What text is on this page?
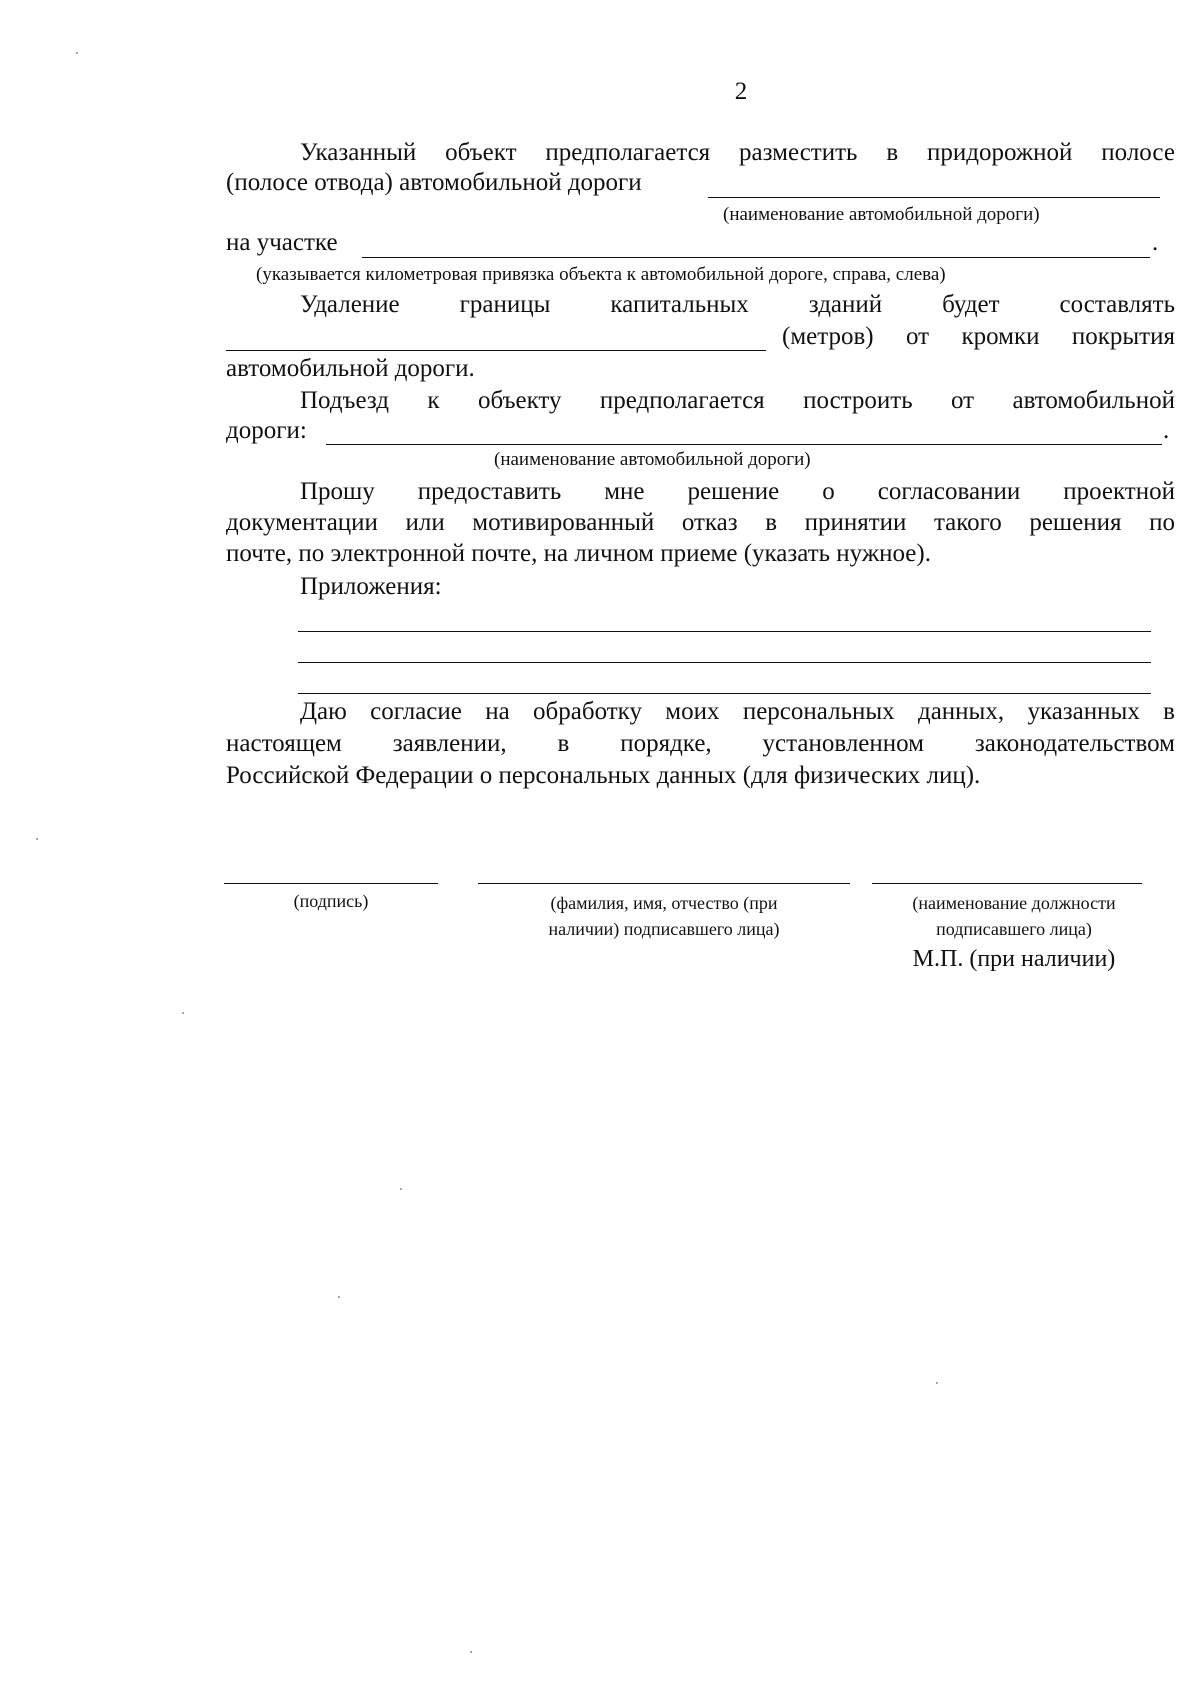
2
Указанный объект предполагается разместить в придорожной полосе
(полосе отвода) автомобильной дороги
(наименование автомобильной дороги)
на участке	.
(указывается километровая привязка объекта к автомобильной дороге, справа, слева)
Удаление границы капитальных зданий будет составлять
(метров) от кромки покрытия
автомобильной дороги.
Подъезд к объекту предполагается построить от автомобильной
дороги:	.
(наименование автомобильной дороги)
Прошу предоставить мне решение о согласовании проектной
документации или мотивированный отказ в принятии такого решения по
почте, по электронной почте, на личном приеме (указать нужное).
Приложения:
Даю согласие на обработку моих персональных данных, указанных в
настоящем заявлении, в порядке, установленном законодательством
Российской Федерации о персональных данных (для физических лиц).
(подпись)	(фамилия, имя, отчество (при
наличии) подписавшего лица)
(наименование должности
подписавшего лица)
М.П. (при наличии)
